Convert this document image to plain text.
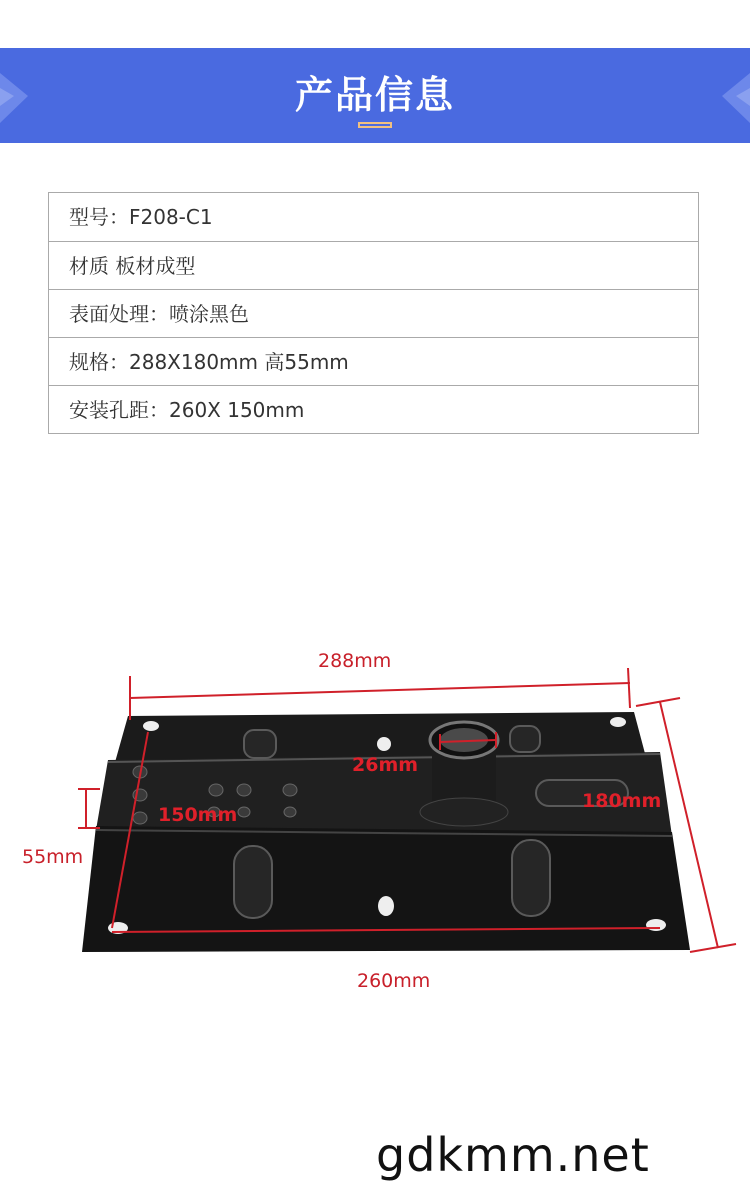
产品信息
型号：F208-C1
材质 板材成型
表面处理：喷涂黑色
规格：288X180mm 高55mm
安装孔距：260X 150mm
288mm
26mm
150mm
180mm
55mm
260mm
gdkmm.net
